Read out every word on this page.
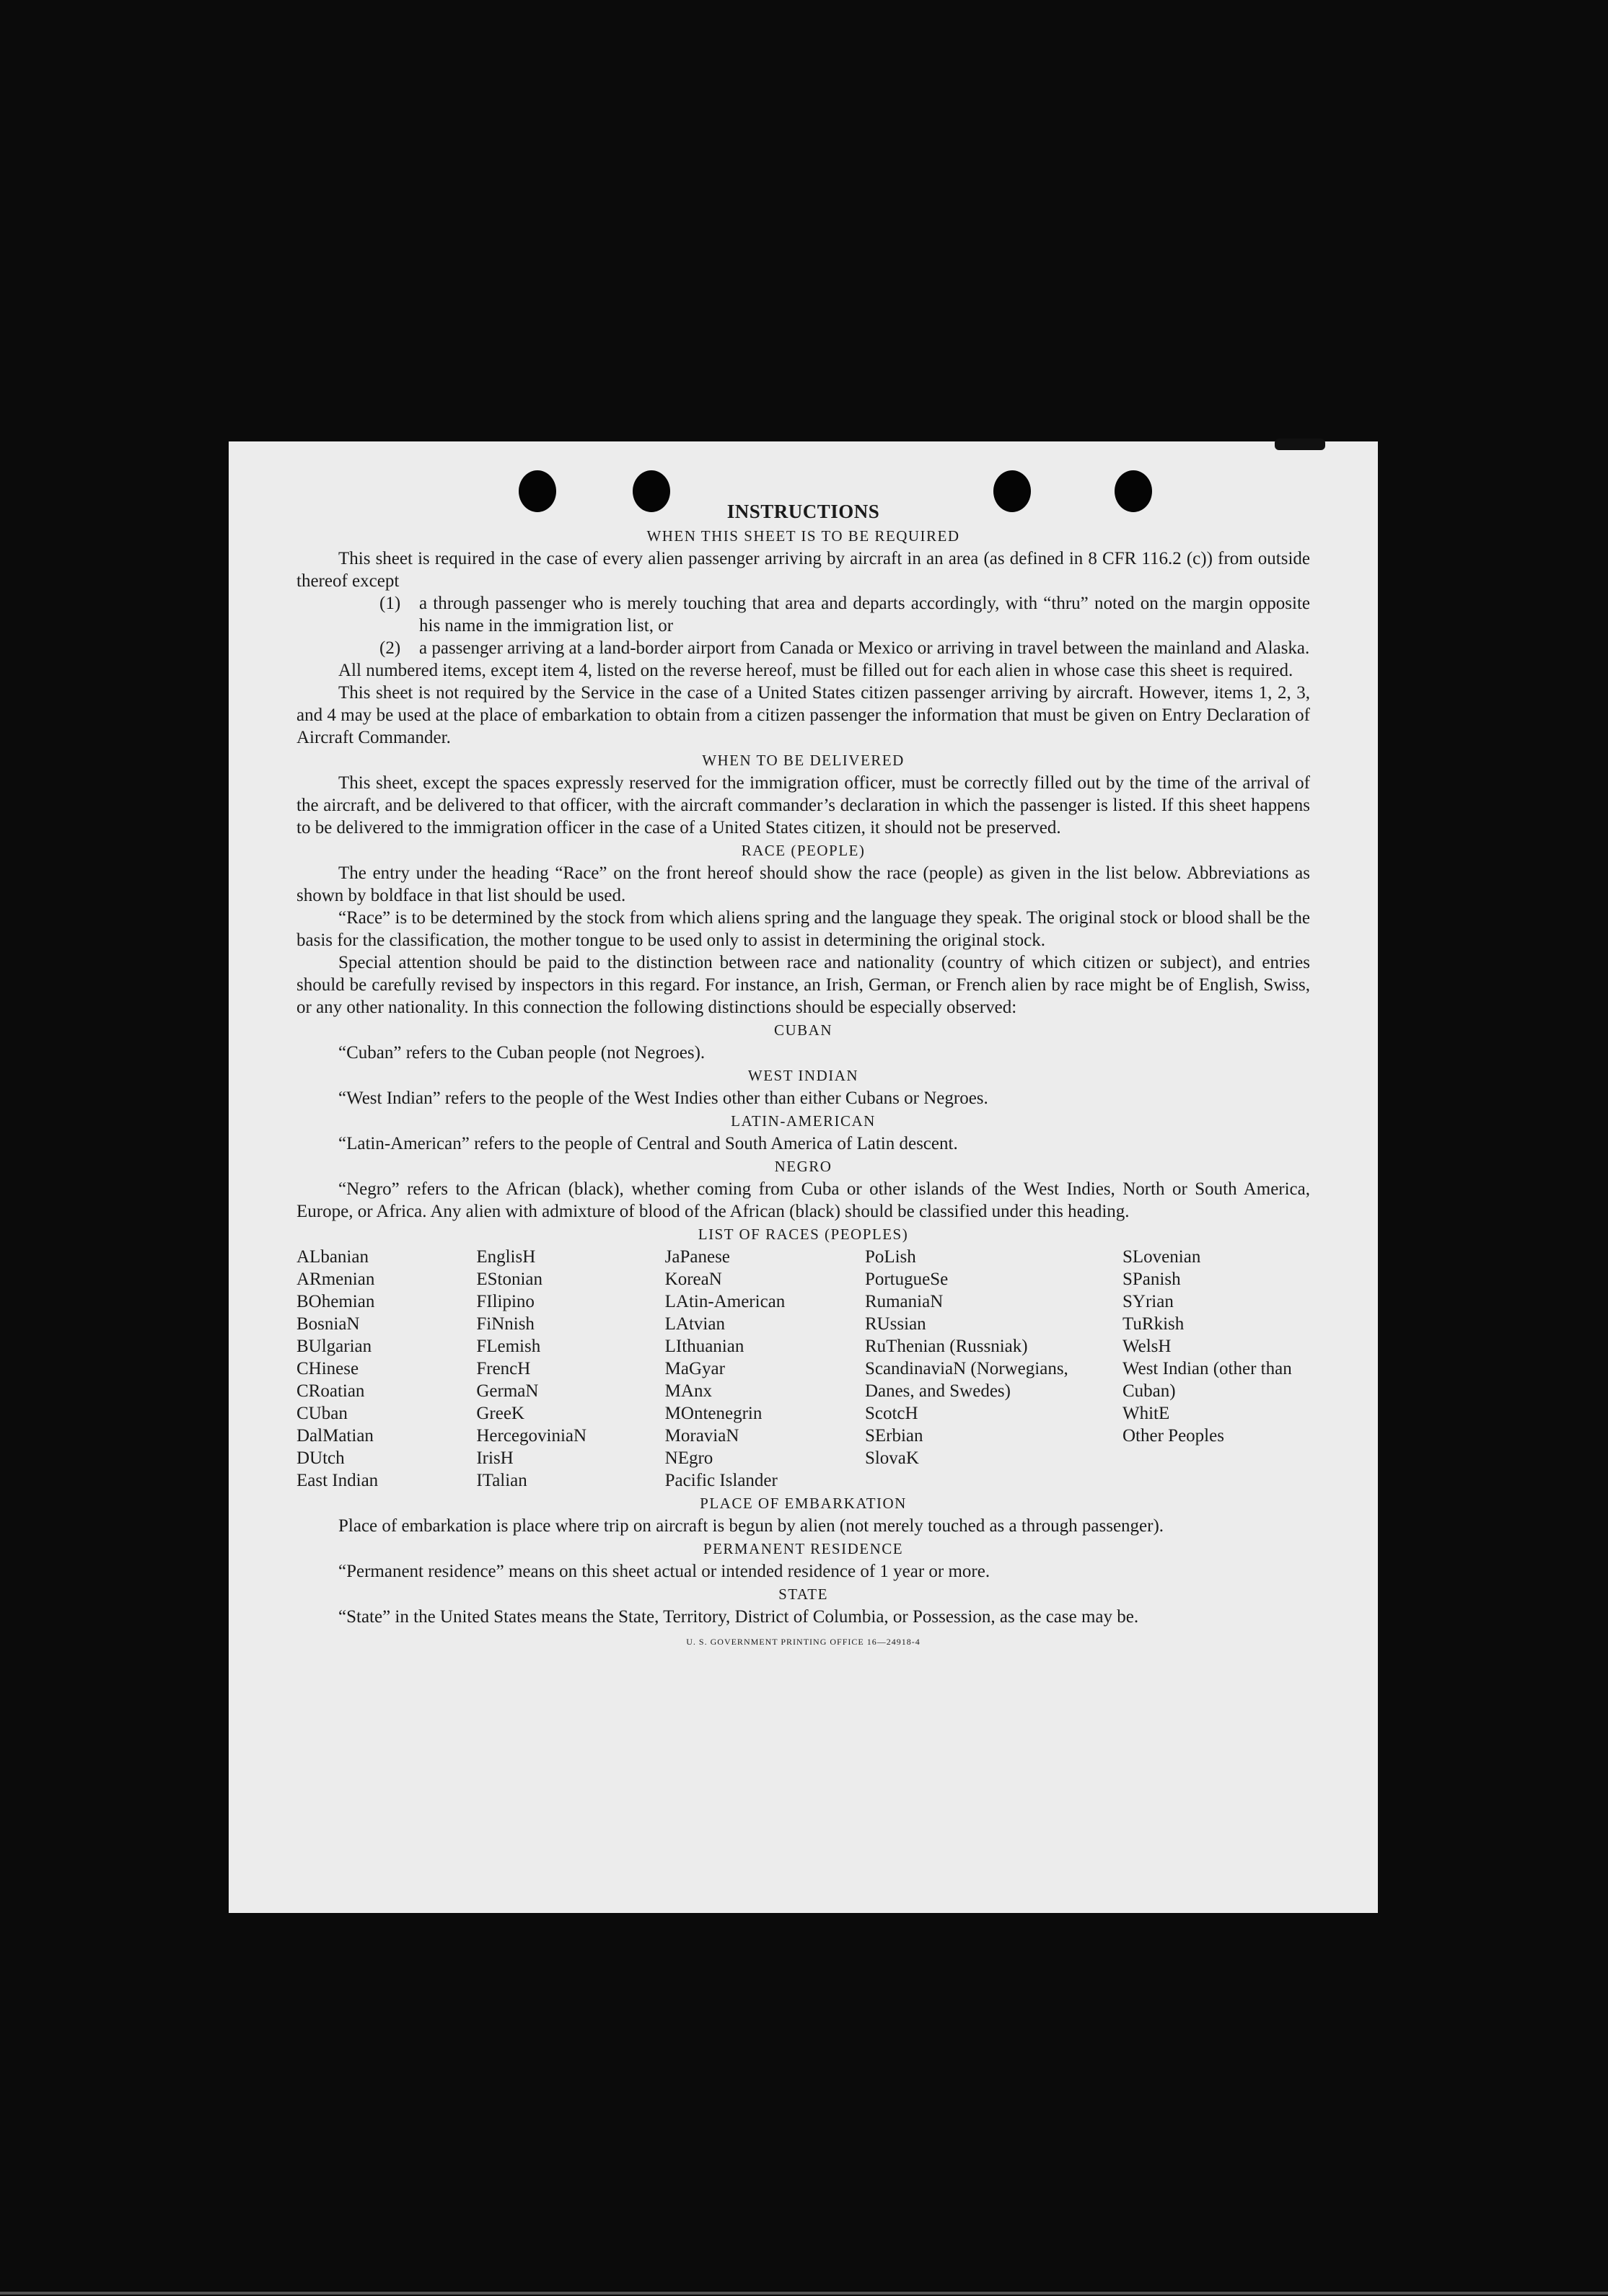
INSTRUCTIONS
WHEN THIS SHEET IS TO BE REQUIRED

This sheet is required in the case of every alien passenger arriving by aircraft in an area (as defined in 8 CFR 116.2 (c)) from outside thereof except

(1)	a through passenger who is merely touching that area and departs accordingly, with “thru” noted on the margin opposite his name in the immigration list, or
(2)	a passenger arriving at a land-border airport from Canada or Mexico or arriving in travel between the mainland and Alaska.

All numbered items, except item 4, listed on the reverse hereof, must be filled out for each alien in whose case this sheet is required.

This sheet is not required by the Service in the case of a United States citizen passenger arriving by aircraft. However, items 1, 2, 3, and 4 may be used at the place of embarkation to obtain from a citizen passenger the information that must be given on Entry Declaration of Aircraft Commander.

WHEN TO BE DELIVERED

This sheet, except the spaces expressly reserved for the immigration officer, must be correctly filled out by the time of the arrival of the aircraft, and be delivered to that officer, with the aircraft commander’s declaration in which the passenger is listed. If this sheet happens to be delivered to the immigration officer in the case of a United States citizen, it should not be preserved.

RACE (PEOPLE)

The entry under the heading “Race” on the front hereof should show the race (people) as given in the list below. Abbreviations as shown by boldface in that list should be used.

“Race” is to be determined by the stock from which aliens spring and the language they speak. The original stock or blood shall be the basis for the classification, the mother tongue to be used only to assist in determining the original stock.

Special attention should be paid to the distinction between race and nationality (country of which citizen or subject), and entries should be carefully revised by inspectors in this regard. For instance, an Irish, German, or French alien by race might be of English, Swiss, or any other nationality. In this connection the following distinctions should be especially observed:

CUBAN

“Cuban” refers to the Cuban people (not Negroes).

WEST INDIAN

“West Indian” refers to the people of the West Indies other than either Cubans or Negroes.

LATIN-AMERICAN

“Latin-American” refers to the people of Central and South America of Latin descent.

NEGRO

“Negro” refers to the African (black), whether coming from Cuba or other islands of the West Indies, North or South America, Europe, or Africa. Any alien with admixture of blood of the African (black) should be classified under this heading.

LIST OF RACES (PEOPLES)
ALbanian
ARmenian
BOhemian
BosniaN
BUlgarian
CHinese
CRoatian
CUban
DalMatian
DUtch
East Indian
EnglisH
EStonian
FIlipino
FiNnish
FLemish
FrencH
GermaN
GreeK
HercegoviniaN
IrisH
ITalian
JaPanese
KoreaN
LAtin-American
LAtvian
LIthuanian
MaGyar
MAnx
MOntenegrin
MoraviaN
NEgro
Pacific Islander
PoLish
PortugueSe
RumaniaN
RUssian
RuThenian (Russniak)
ScandinaviaN (Norwegians, Danes, and Swedes)
ScotcH
SErbian
SlovaK
SLovenian
SPanish
SYrian
TuRkish
WelsH
West Indian (other than Cuban)
WhitE
Other Peoples
PLACE OF EMBARKATION

Place of embarkation is place where trip on aircraft is begun by alien (not merely touched as a through passenger).

PERMANENT RESIDENCE

“Permanent residence” means on this sheet actual or intended residence of 1 year or more.

STATE

“State” in the United States means the State, Territory, District of Columbia, or Possession, as the case may be.

U. S. GOVERNMENT PRINTING OFFICE 16—24918-4
